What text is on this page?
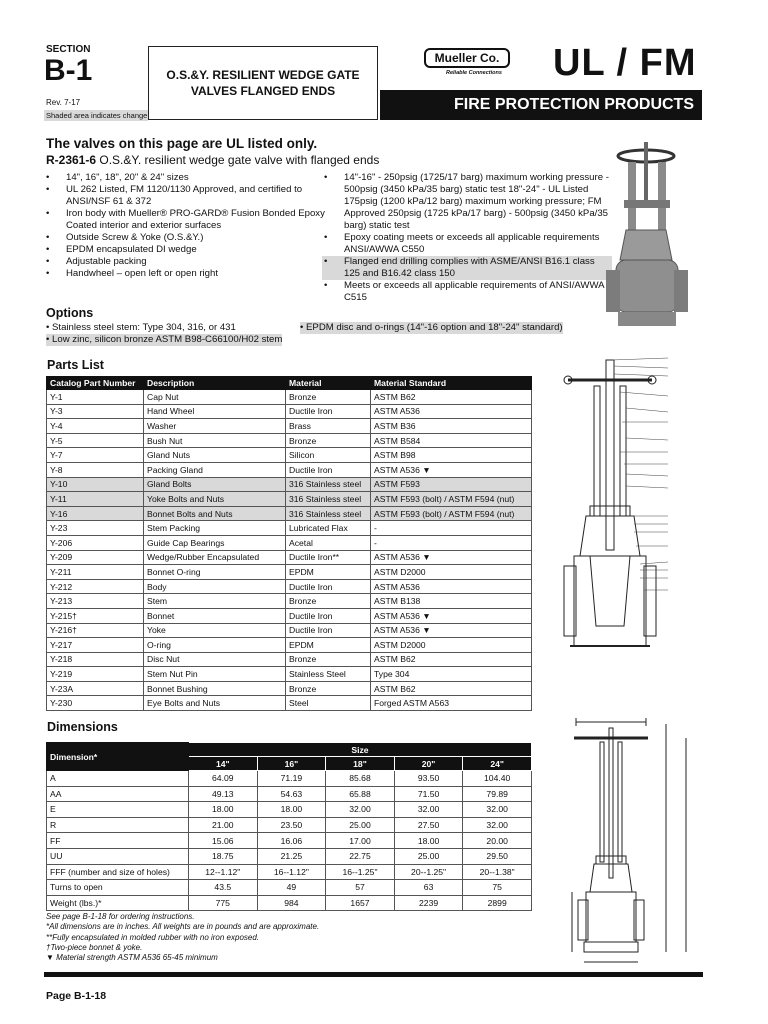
SECTION
B-1
Rev. 7-17
Shaded area indicates change
O.S.&Y. RESILIENT WEDGE GATE
VALVES FLANGED ENDS
Mueller Co.
Reliable Connections UL / FM
FIRE PROTECTION PRODUCTS
The valves on this page are UL listed only.
R-2361-6 O.S.&Y. resilient wedge gate valve with flanged ends
• 14", 16", 18", 20" & 24" sizes
• UL 262 Listed, FM 1120/1130 Approved, and certified to ANSI/NSF 61 & 372
• Iron body with Mueller® PRO-GARD® Fusion Bonded Epoxy Coated interior and exterior surfaces
• Outside Screw & Yoke (O.S.&Y.)
• EPDM encapsulated DI wedge
• Adjustable packing
• Handwheel – open left or open right
• 14"-16" - 250psig (1725/17 barg) maximum working pressure - 500psig (3450 kPa/35 barg) static test 18"-24" - UL Listed 175psig (1200 kPa/12 barg) maximum working pressure; FM Approved 250psig (1725 kPa/17 barg) - 500psig (3450 kPa/35 barg) static test
• Epoxy coating meets or exceeds all applicable requirements ANSI/AWWA C550
• Flanged end drilling complies with ASME/ANSI B16.1 class 125 and B16.42 class 150
• Meets or exceeds all applicable requirements of ANSI/AWWA C515
Options
• Stainless steel stem: Type 304, 316, or 431	• EPDM disc and o-rings (14"-16 option and 18"-24" standard)
• Low zinc, silicon bronze ASTM B98-C66100/H02 stem
Parts List
Catalog Part Number	Description	Material	Material Standard
Y-1	Cap Nut	Bronze	ASTM B62
Y-3	Hand Wheel	Ductile Iron	ASTM A536
Y-4	Washer	Brass	ASTM B36
Y-5	Bush Nut	Bronze	ASTM B584
Y-7	Gland Nuts	Silicon	ASTM B98
Y-8	Packing Gland	Ductile Iron	ASTM A536 ▼
Y-10	Gland Bolts	316 Stainless steel	ASTM F593
Y-11	Yoke Bolts and Nuts	316 Stainless steel	ASTM F593 (bolt) / ASTM F594 (nut)
Y-16	Bonnet Bolts and Nuts	316 Stainless steel	ASTM F593 (bolt) / ASTM F594 (nut)
Y-23	Stem Packing	Lubricated Flax	-
Y-206	Guide Cap Bearings	Acetal	-
Y-209	Wedge/Rubber Encapsulated	Ductile Iron**	ASTM A536 ▼
Y-211	Bonnet O-ring	EPDM	ASTM D2000
Y-212	Body	Ductile Iron	ASTM A536
Y-213	Stem	Bronze	ASTM B138
Y-215†	Bonnet	Ductile Iron	ASTM A536 ▼
Y-216†	Yoke	Ductile Iron	ASTM A536 ▼
Y-217	O-ring	EPDM	ASTM D2000
Y-218	Disc Nut	Bronze	ASTM B62
Y-219	Stem Nut Pin	Stainless Steel	Type 304
Y-23A	Bonnet Bushing	Bronze	ASTM B62
Y-230	Eye Bolts and Nuts	Steel	Forged ASTM A563
Dimensions
Dimension*	Size				
	14"	16"	18"	20"	24"
A	64.09	71.19	85.68	93.50	104.40
AA	49.13	54.63	65.88	71.50	79.89
E	18.00	18.00	32.00	32.00	32.00
R	21.00	23.50	25.00	27.50	32.00
FF	15.06	16.06	17.00	18.00	20.00
UU	18.75	21.25	22.75	25.00	29.50
FFF (number and size of holes)	12--1.12"	16--1.12"	16--1.25"	20--1.25"	20--1.38"
Turns to open	43.5	49	57	63	75
Weight (lbs.)*	775	984	1657	2239	2899
See page B-1-18 for ordering instructions.
*All dimensions are in inches. All weights are in pounds and are approximate.
**Fully encapsulated in molded rubber with no iron exposed.
†Two-piece bonnet & yoke.
▼ Material strength ASTM A536 65-45 minimum
Page B-1-18
